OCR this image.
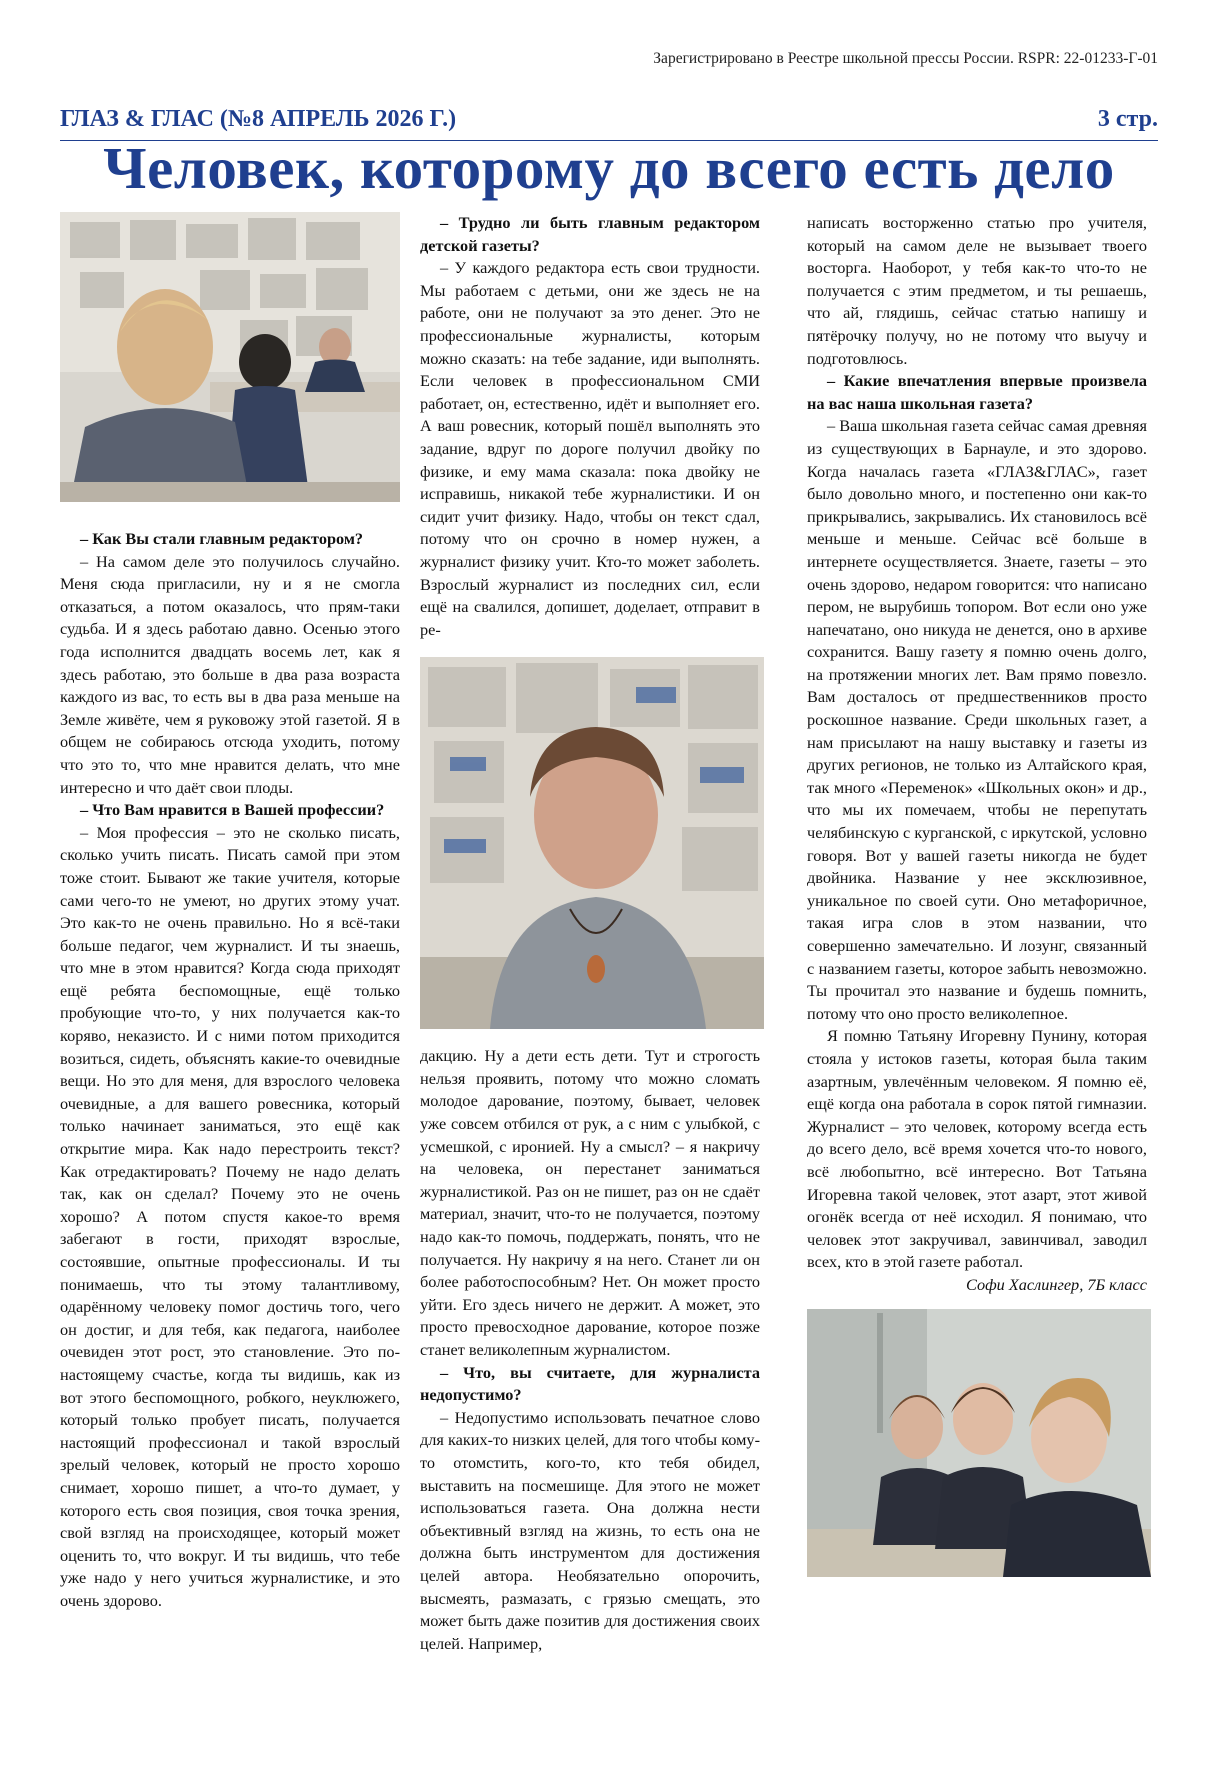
Зарегистрировано в Реестре школьной прессы России. RSPR: 22-01233-Г-01
ГЛАЗ & ГЛАС (№8 АПРЕЛЬ 2026 Г.)	3 стр.
Человек, которому до всего есть дело

– Как Вы стали главным редактором?

– На самом деле это получилось случайно. Меня сюда пригласили, ну и я не смогла отказаться, а потом оказалось, что прям-таки судьба. И я здесь работаю давно. Осенью этого года исполнится двадцать восемь лет, как я здесь работаю, это больше в два раза возраста каждого из вас, то есть вы в два раза меньше на Земле живёте, чем я руковожу этой газетой. Я в общем не собираюсь отсюда уходить, потому что это то, что мне нравится делать, что мне интересно и что даёт свои плоды.

– Что Вам нравится в Вашей профессии?

– Моя профессия – это не сколько писать, сколько учить писать. Писать самой при этом тоже стоит. Бывают же такие учителя, которые сами чего-то не умеют, но других этому учат. Это как-то не очень правильно. Но я всё-таки больше педагог, чем журналист. И ты знаешь, что мне в этом нравится? Когда сюда приходят ещё ребята беспомощные, ещё только пробующие что-то, у них получается как-то коряво, неказисто. И с ними потом приходится возиться, сидеть, объяснять какие-то очевидные вещи. Но это для меня, для взрослого человека очевидные, а для вашего ровесника, который только начинает заниматься, это ещё как открытие мира. Как надо перестроить текст? Как отредактировать? Почему не надо делать так, как он сделал? Почему это не очень хорошо? А потом спустя какое-то время забегают в гости, приходят взрослые, состоявшие, опытные профессионалы. И ты понимаешь, что ты этому талантливому, одарённому человеку помог достичь того, чего он достиг, и для тебя, как педагога, наиболее очевиден этот рост, это становление. Это по-настоящему счастье, когда ты видишь, как из вот этого беспомощного, робкого, неуклюжего, который только пробует писать, получается настоящий профессионал и такой взрослый зрелый человек, который не просто хорошо снимает, хорошо пишет, а что-то думает, у которого есть своя позиция, своя точка зрения, свой взгляд на происходящее, который может оценить то, что вокруг. И ты видишь, что тебе уже надо у него учиться журналистике, и это очень здорово.

– Трудно ли быть главным редактором детской газеты?

– У каждого редактора есть свои трудности. Мы работаем с детьми, они же здесь не на работе, они не получают за это денег. Это не профессиональные журналисты, которым можно сказать: на тебе задание, иди выполнять. Если человек в профессиональном СМИ работает, он, естественно, идёт и выполняет его. А ваш ровесник, который пошёл выполнять это задание, вдруг по дороге получил двойку по физике, и ему мама сказала: пока двойку не исправишь, никакой тебе журналистики. И он сидит учит физику. Надо, чтобы он текст сдал, потому что он срочно в номер нужен, а журналист физику учит. Кто-то может заболеть. Взрослый журналист из последних сил, если ещё на свалился, допишет, доделает, отправит в ре-

дакцию. Ну а дети есть дети. Тут и строгость нельзя проявить, потому что можно сломать молодое дарование, поэтому, бывает, человек уже совсем отбился от рук, а с ним с улыбкой, с усмешкой, с иронией. Ну а смысл? – я накричу на человека, он перестанет заниматься журналистикой. Раз он не пишет, раз он не сдаёт материал, значит, что-то не получается, поэтому надо как-то помочь, поддержать, понять, что не получается. Ну накричу я на него. Станет ли он более работоспособным? Нет. Он может просто уйти. Его здесь ничего не держит. А может, это просто превосходное дарование, которое позже станет великолепным журналистом.

– Что, вы считаете, для журналиста недопустимо?

– Недопустимо использовать печатное слово для каких-то низких целей, для того чтобы кому-то отомстить, кого-то, кто тебя обидел, выставить на посмешище. Для этого не может использоваться газета. Она должна нести объективный взгляд на жизнь, то есть она не должна быть инструментом для достижения целей автора. Необязательно опорочить, высмеять, размазать, с грязью смещать, это может быть даже позитив для достижения своих целей. Например,

написать восторженно статью про учителя, который на самом деле не вызывает твоего восторга. Наоборот, у тебя как-то что-то не получается с этим предметом, и ты решаешь, что ай, глядишь, сейчас статью напишу и пятёрочку получу, но не потому что выучу и подготовлюсь.

– Какие впечатления впервые произвела на вас наша школьная газета?

– Ваша школьная газета сейчас самая древняя из существующих в Барнауле, и это здорово. Когда началась газета «ГЛАЗ&ГЛАС», газет было довольно много, и постепенно они как-то прикрывались, закрывались. Их становилось всё меньше и меньше. Сейчас всё больше в интернете осуществляется. Знаете, газеты – это очень здорово, недаром говорится: что написано пером, не вырубишь топором. Вот если оно уже напечатано, оно никуда не денется, оно в архиве сохранится. Вашу газету я помню очень долго, на протяжении многих лет. Вам прямо повезло. Вам досталось от предшественников просто роскошное название. Среди школьных газет, а нам присылают на нашу выставку и газеты из других регионов, не только из Алтайского края, так много «Переменок» «Школьных окон» и др., что мы их помечаем, чтобы не перепутать челябинскую с курганской, с иркутской, условно говоря. Вот у вашей газеты никогда не будет двойника. Название у нее эксклюзивное, уникальное по своей сути. Оно метафоричное, такая игра слов в этом названии, что совершенно замечательно. И лозунг, связанный с названием газеты, которое забыть невозможно. Ты прочитал это название и будешь помнить, потому что оно просто великолепное.

Я помню Татьяну Игоревну Пунину, которая стояла у истоков газеты, которая была таким азартным, увлечённым человеком. Я помню её, ещё когда она работала в сорок пятой гимназии. Журналист – это человек, которому всегда есть до всего дело, всё время хочется что-то нового, всё любопытно, всё интересно. Вот Татьяна Игоревна такой человек, этот азарт, этот живой огонёк всегда от неё исходил. Я понимаю, что человек этот закручивал, завинчивал, заводил всех, кто в этой газете работал.

Софи Хаслингер, 7Б класс
